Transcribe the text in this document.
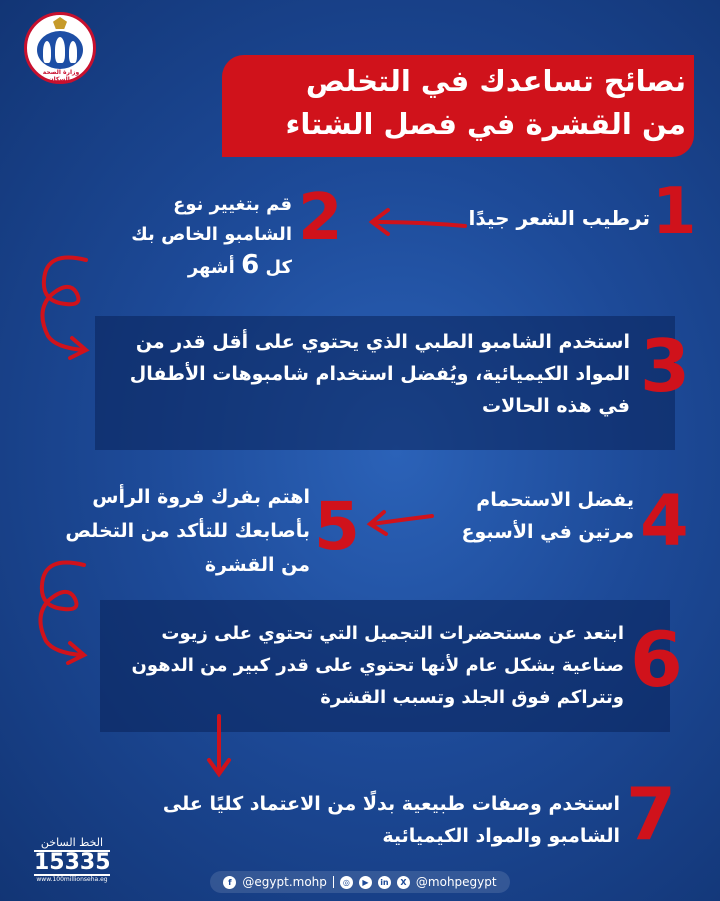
وزارة الصحة والسكان	نصائح تساعدك في التخلص
من القشرة في فصل الشتاء
1
ترطيب الشعر جيدًا
2
قم بتغيير نوع
الشامبو الخاص بك
كل 6 أشهر
3
استخدم الشامبو الطبي الذي يحتوي على أقل قدر من
المواد الكيميائية، ويُفضل استخدام شامبوهات الأطفال
في هذه الحالات
4
يفضل الاستحمام
مرتين في الأسبوع
5
اهتم بفرك فروة الرأس
بأصابعك للتأكد من التخلص
من القشرة
6
ابتعد عن مستحضرات التجميل التي تحتوي على زيوت
صناعية بشكل عام لأنها تحتوي على قدر كبير من الدهون
وتتراكم فوق الجلد وتسبب القشرة
7
استخدم وصفات طبيعية بدلًا من الاعتماد كليًا على
الشامبو والمواد الكيميائية
الخط الساخن
15335
www.100millionseha.eg	f @egypt.mohp	◎	▶	in	X @mohpegypt
